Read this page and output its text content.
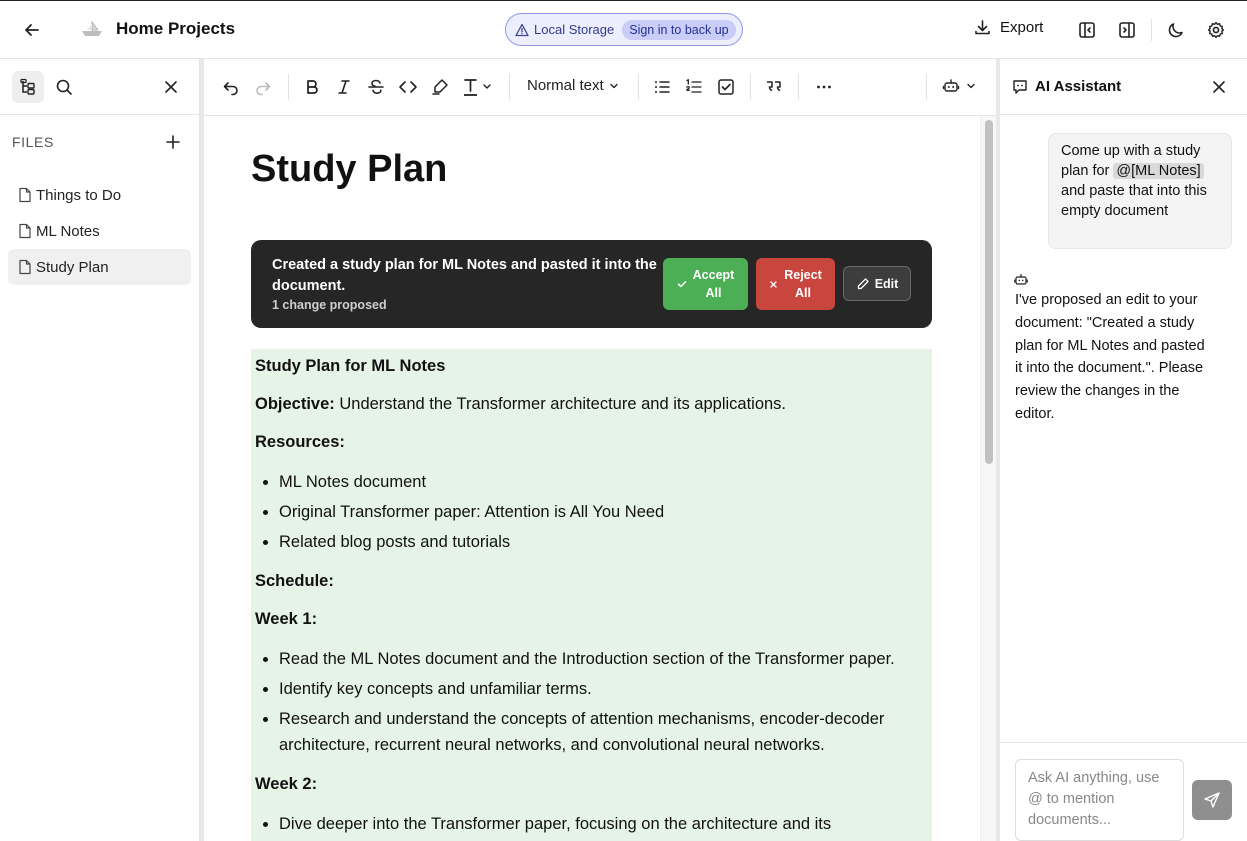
Home Projects	Local Storage	Sign in to back up	Export
FILES
Things to Do
ML Notes
Study Plan
Normal text
Study Plan
Created a study plan for ML Notes and pasted it into the document.
1 change proposed
Accept
All
Reject
All
Edit

Study Plan for ML Notes

Objective: Understand the Transformer architecture and its applications.

Resources:

• ML Notes document
• Original Transformer paper: Attention is All You Need
• Related blog posts and tutorials

Schedule:

Week 1:

• Read the ML Notes document and the Introduction section of the Transformer paper.
• Identify key concepts and unfamiliar terms.
• Research and understand the concepts of attention mechanisms, encoder-decoder architecture, recurrent neural networks, and convolutional neural networks.

Week 2:

• Dive deeper into the Transformer paper, focusing on the architecture and its
AI Assistant
Come up with a study plan for @[ML Notes] and paste that into this empty document
I've proposed an edit to your document: "Created a study plan for ML Notes and pasted it into the document.". Please review the changes in the editor.
Ask AI anything, use @ to mention documents...
